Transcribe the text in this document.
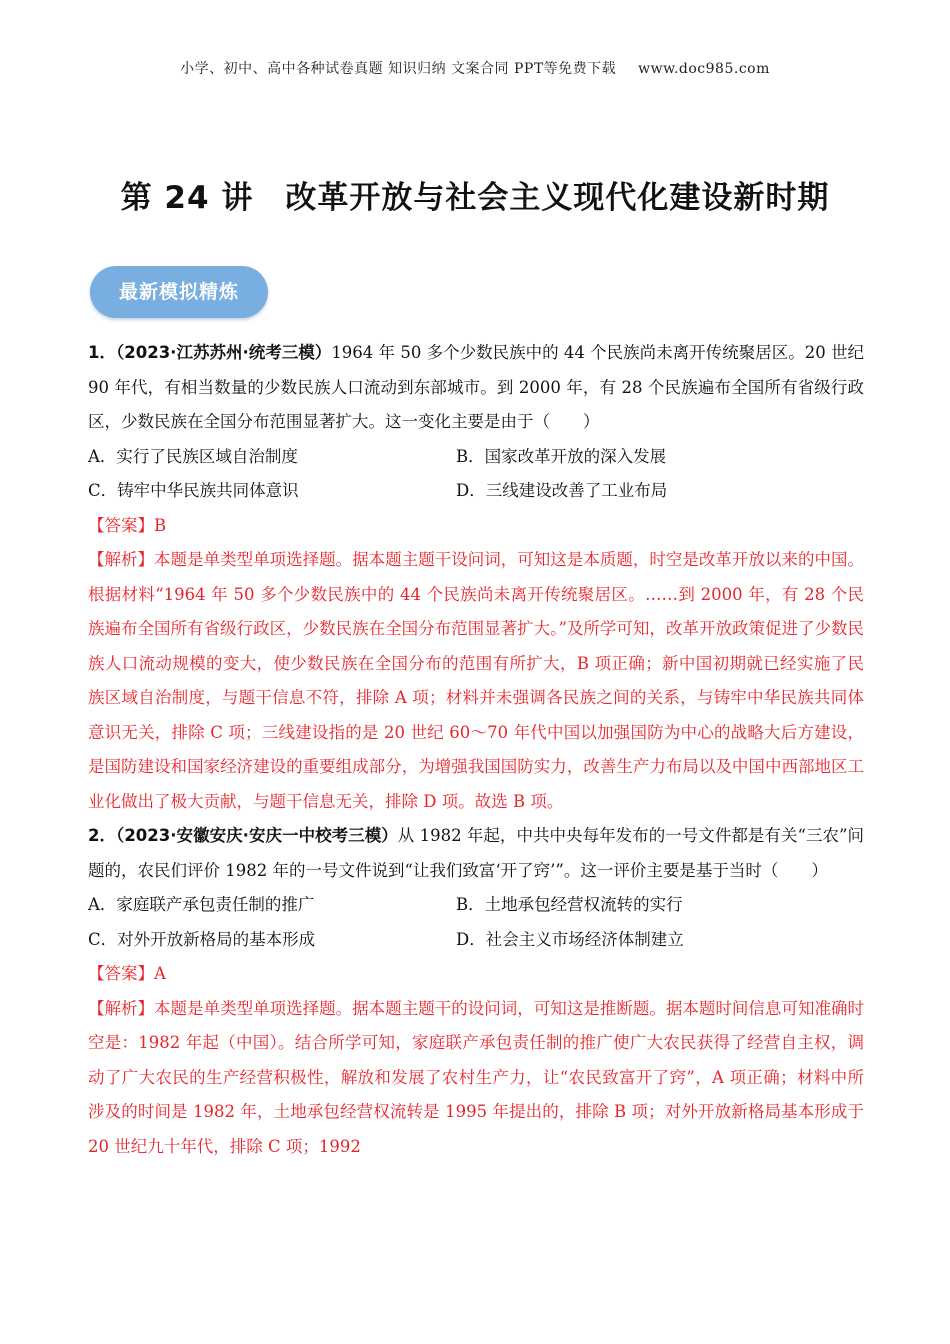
小学、初中、高中各种试卷真题 知识归纳 文案合同 PPT等免费下载 www.doc985.com
第 24 讲 改革开放与社会主义现代化建设新时期
最新模拟精炼

1．（2023·江苏苏州·统考三模）1964 年 50 多个少数民族中的 44 个民族尚未离开传统聚居区。20 世纪 90 年代，有相当数量的少数民族人口流动到东部城市。到 2000 年，有 28 个民族遍布全国所有省级行政区，少数民族在全国分布范围显著扩大。这一变化主要是由于（　　）

A．实行了民族区域自治制度	B．国家改革开放的深入发展
C．铸牢中华民族共同体意识	D．三线建设改善了工业布局

【答案】B

【解析】本题是单类型单项选择题。据本题主题干设问词，可知这是本质题，时空是改革开放以来的中国。根据材料“1964 年 50 多个少数民族中的 44 个民族尚未离开传统聚居区。……到 2000 年，有 28 个民族遍布全国所有省级行政区，少数民族在全国分布范围显著扩大。”及所学可知，改革开放政策促进了少数民族人口流动规模的变大，使少数民族在全国分布的范围有所扩大，B 项正确；新中国初期就已经实施了民族区域自治制度，与题干信息不符，排除 A 项；材料并未强调各民族之间的关系，与铸牢中华民族共同体意识无关，排除 C 项；三线建设指的是 20 世纪 60～70 年代中国以加强国防为中心的战略大后方建设，是国防建设和国家经济建设的重要组成部分，为增强我国国防实力，改善生产力布局以及中国中西部地区工业化做出了极大贡献，与题干信息无关，排除 D 项。故选 B 项。

2．（2023·安徽安庆·安庆一中校考三模）从 1982 年起，中共中央每年发布的一号文件都是有关“三农”问题的，农民们评价 1982 年的一号文件说到“让我们致富‘开了窍’”。这一评价主要是基于当时（　　）

A．家庭联产承包责任制的推广	B．土地承包经营权流转的实行
C．对外开放新格局的基本形成	D．社会主义市场经济体制建立

【答案】A

【解析】本题是单类型单项选择题。据本题主题干的设问词，可知这是推断题。据本题时间信息可知准确时空是：1982 年起（中国）。结合所学可知，家庭联产承包责任制的推广使广大农民获得了经营自主权，调动了广大农民的生产经营积极性，解放和发展了农村生产力，让“农民致富开了窍”，A 项正确；材料中所涉及的时间是 1982 年，土地承包经营权流转是 1995 年提出的，排除 B 项；对外开放新格局基本形成于 20 世纪九十年代，排除 C 项；1992
